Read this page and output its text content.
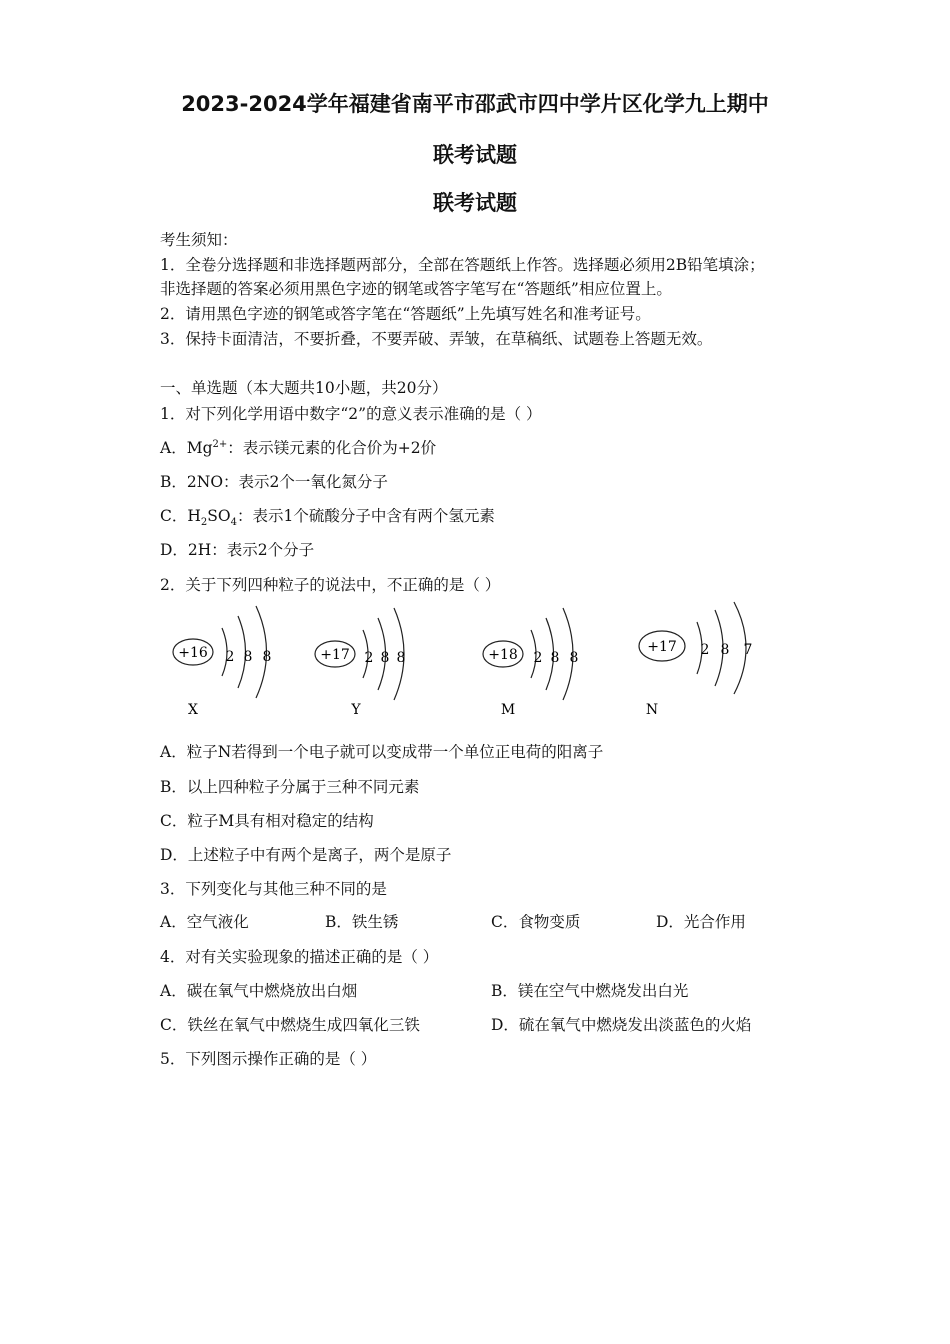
2023-2024学年福建省南平市邵武市四中学片区化学九上期中
联考试题
联考试题
考生须知：
1．全卷分选择题和非选择题两部分，全部在答题纸上作答。选择题必须用2B铅笔填涂；
非选择题的答案必须用黑色字迹的钢笔或答字笔写在“答题纸”相应位置上。
2．请用黑色字迹的钢笔或答字笔在“答题纸”上先填写姓名和准考证号。
3．保持卡面清洁，不要折叠，不要弄破、弄皱，在草稿纸、试题卷上答题无效。
一、单选题（本大题共10小题，共20分）
1．对下列化学用语中数字“2”的意义表示准确的是（ ）
A．$Mg^{2+}$：表示镁元素的化合价为+2价
B．2NO：表示2个一氧化氮分子
C．$H_2SO_4$：表示1个硫酸分子中含有两个氢元素
D．2H：表示2个分子
2．关于下列四种粒子的说法中，不正确的是（ ）
+16 2 8 8
X
+17 2 8 8
Y
+18 2 8 8
M
+17 2 8 7
N
A．粒子N若得到一个电子就可以变成带一个单位正电荷的阳离子
B．以上四种粒子分属于三种不同元素
C．粒子M具有相对稳定的结构
D．上述粒子中有两个是离子，两个是原子
3．下列变化与其他三种不同的是
A．空气液化	B．铁生锈	C．食物变质	D．光合作用
4．对有关实验现象的描述正确的是（ ）
A．碳在氧气中燃烧放出白烟	B．镁在空气中燃烧发出白光
C．铁丝在氧气中燃烧生成四氧化三铁	D．硫在氧气中燃烧发出淡蓝色的火焰
5．下列图示操作正确的是（ ）
